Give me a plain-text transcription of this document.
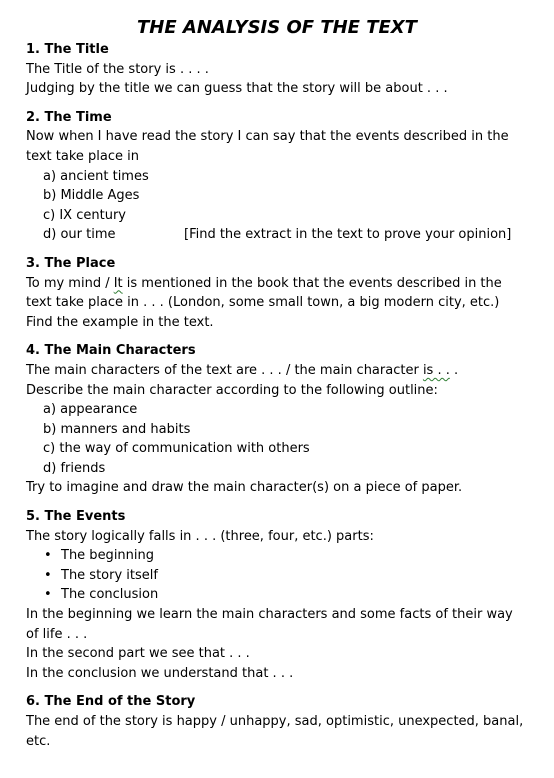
THE ANALYSIS OF THE TEXT

1. The Title

The Title of the story is . . . .

Judging by the title we can guess that the story will be about . . .

2. The Time

Now when I have read the story I can say that the events described in the text take place in

a) ancient times

b) Middle Ages

c) IX century

d) our time	[Find the extract in the text to prove your opinion]

3. The Place

To my mind / It is mentioned in the book that the events described in the text take place in . . . (London, some small town, a big modern city, etc.)

Find the example in the text.

4. The Main Characters

The main characters of the text are . . . / the main character is . . .

Describe the main character according to the following outline:

a) appearance

b) manners and habits

c) the way of communication with others

d) friends

Try to imagine and draw the main character(s) on a piece of paper.

5. The Events

The story logically falls in . . . (three, four, etc.) parts:

• The beginning
• The story itself
• The conclusion

In the beginning we learn the main characters and some facts of their way of life . . .

In the second part we see that . . .

In the conclusion we understand that . . .

6. The End of the Story

The end of the story is happy / unhappy, sad, optimistic, unexpected, banal, etc.
